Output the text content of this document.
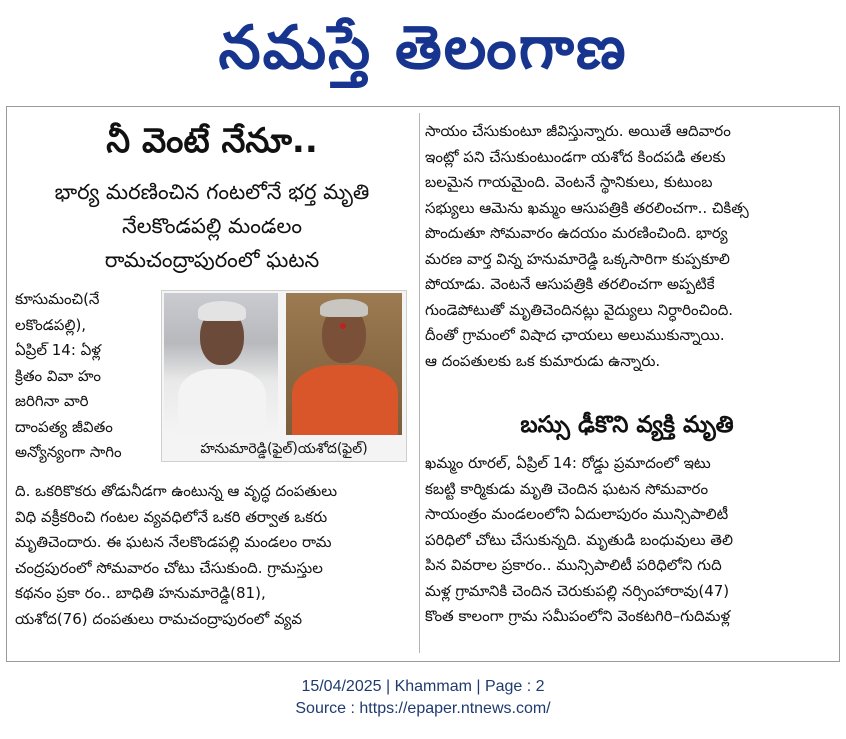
నమస్తే తెలంగాణ
నీ వెంటే నేనూ..
భార్య మరణించిన గంటలోనే భర్త మృతి
నేలకొండపల్లి మండలం
రామచంద్రాపురంలో ఘటన
కూసుమంచి(నే
లకొండపల్లి),
ఏప్రిల్ 14: ఏళ్ల
క్రితం వివా హం
జరిగినా వారి
దాంపత్య జీవితం
అన్యోన్యంగా సాగిం	హనుమారెడ్డి(ఫైల్)యశోద(ఫైల్)
ది. ఒకరికొకరు తోడునీడగా ఉంటున్న ఆ వృద్ధ దంపతులు
విధి వక్రీకరించి గంటల వ్యవధిలోనే ఒకరి తర్వాత ఒకరు
మృతిచెందారు. ఈ ఘటన నేలకొండపల్లి మండలం రామ
చంద్రపురంలో సోమవారం చోటు చేసుకుంది. గ్రామస్తుల
కథనం ప్రకా రం.. బాధితి హనుమారెడ్డి(81),
యశోద(76) దంపతులు రామచంద్రాపురంలో వ్యవ
సాయం చేసుకుంటూ జీవిస్తున్నారు. అయితే ఆదివారం
ఇంట్లో పని చేసుకుంటుండగా యశోద కిందపడి తలకు
బలమైన గాయమైంది. వెంటనే స్థానికులు, కుటుంబ
సభ్యులు ఆమెను ఖమ్మం ఆసుపత్రికి తరలించగా.. చికిత్స
పొందుతూ సోమవారం ఉదయం మరణించింది. భార్య
మరణ వార్త విన్న హనుమారెడ్డి ఒక్కసారిగా కుప్పకూలి
పోయాడు. వెంటనే ఆసుపత్రికి తరలించగా అప్పటికే
గుండెపోటుతో మృతిచెందినట్లు వైద్యులు నిర్ధారించింది.
దీంతో గ్రామంలో విషాద ఛాయలు అలుముకున్నాయి.
ఆ దంపతులకు ఒక కుమారుడు ఉన్నారు.
బస్సు ఢీకొని వ్యక్తి మృతి
ఖమ్మం రూరల్, ఏప్రిల్ 14: రోడ్డు ప్రమాదంలో ఇటు
కబట్టి కార్మికుడు మృతి చెందిన ఘటన సోమవారం
సాయంత్రం మండలంలోని ఏదులాపురం మున్సిపాలిటీ
పరిధిలో చోటు చేసుకున్నది. మృతుడి బంధువులు తెలి
పిన వివరాల ప్రకారం.. మున్సిపాలిటీ పరిధిలోని గుది
మళ్ల గ్రామానికి చెందిన చెరుకుపల్లి నర్సింహారావు(47)
కొంత కాలంగా గ్రామ సమీపంలోని వెంకటగిరి–గుదిమళ్ల
15/04/2025 | Khammam | Page : 2
Source : https://epaper.ntnews.com/
